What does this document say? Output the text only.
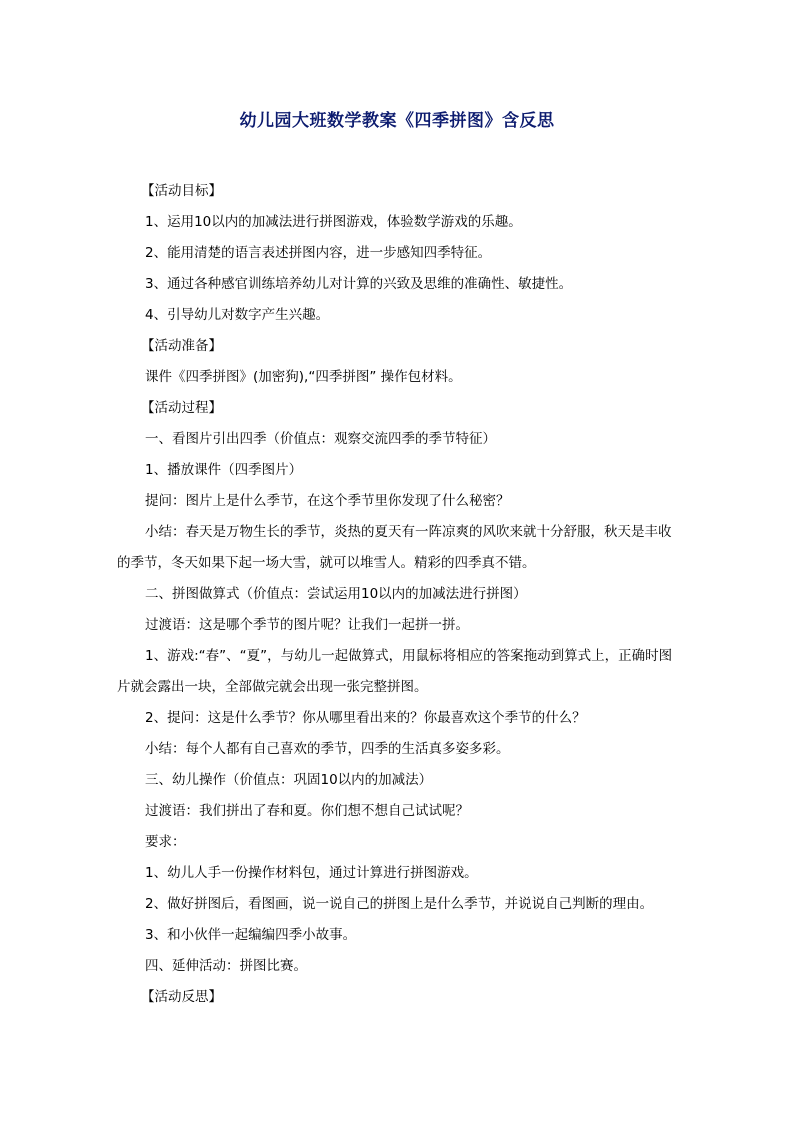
幼儿园大班数学教案《四季拼图》含反思

【活动目标】

1、运用10以内的加减法进行拼图游戏，体验数学游戏的乐趣。

2、能用清楚的语言表述拼图内容，进一步感知四季特征。

3、通过各种感官训练培养幼儿对计算的兴致及思维的准确性、敏捷性。

4、引导幼儿对数字产生兴趣。

【活动准备】

课件《四季拼图》(加密狗),“四季拼图” 操作包材料。

【活动过程】

一、看图片引出四季（价值点：观察交流四季的季节特征）

1、播放课件（四季图片）

提问：图片上是什么季节，在这个季节里你发现了什么秘密？

小结：春天是万物生长的季节，炎热的夏天有一阵凉爽的风吹来就十分舒服，秋天是丰收的季节，冬天如果下起一场大雪，就可以堆雪人。精彩的四季真不错。

二、拼图做算式（价值点：尝试运用10以内的加减法进行拼图）

过渡语：这是哪个季节的图片呢？让我们一起拼一拼。

1、游戏:“春”、“夏”，与幼儿一起做算式，用鼠标将相应的答案拖动到算式上，正确时图片就会露出一块，全部做完就会出现一张完整拼图。

2、提问：这是什么季节？你从哪里看出来的？你最喜欢这个季节的什么？

小结：每个人都有自己喜欢的季节，四季的生活真多姿多彩。

三、幼儿操作（价值点：巩固10以内的加减法）

过渡语：我们拼出了春和夏。你们想不想自己试试呢？

要求：

1、幼儿人手一份操作材料包，通过计算进行拼图游戏。

2、做好拼图后，看图画，说一说自己的拼图上是什么季节，并说说自己判断的理由。

3、和小伙伴一起编编四季小故事。

四、延伸活动：拼图比赛。

【活动反思】
